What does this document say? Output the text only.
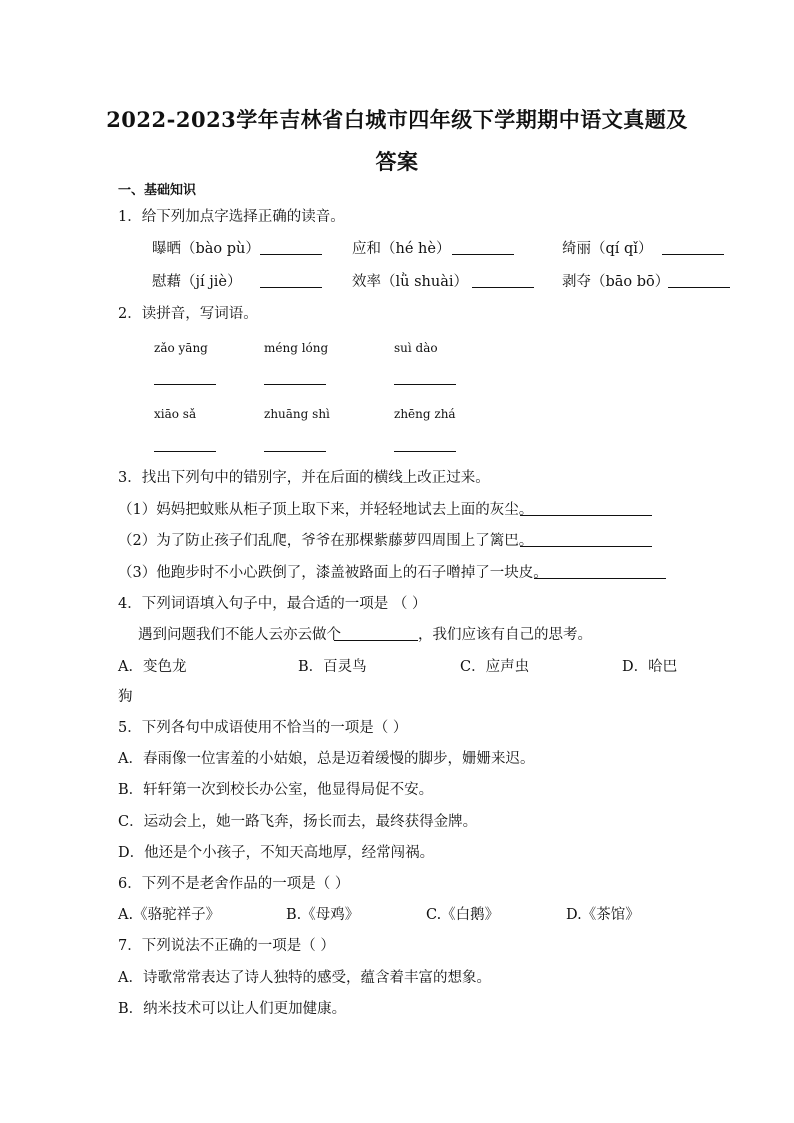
2022-2023学年吉林省白城市四年级下学期期中语文真题及
答案
一、基础知识
1．给下列加点字选择正确的读音。
曝晒（bào pù）	应和（hé hè）	绮丽（qí qǐ）
慰藉（jí jiè）	效率（lǜ shuài）	剥夺（bāo bō）
2．读拼音，写词语。
zǎo yāng	méng lóng	suì dào
xiāo sǎ	zhuāng shì	zhēng zhá
3．找出下列句中的错别字，并在后面的横线上改正过来。
（1）妈妈把蚊账从柜子顶上取下来，并轻轻地试去上面的灰尘。
（2）为了防止孩子们乱爬，爷爷在那棵紫藤萝四周围上了篱巴。
（3）他跑步时不小心跌倒了，漆盖被路面上的石子噌掉了一块皮。
4．下列词语填入句子中，最合适的一项是 （ ）
遇到问题我们不能人云亦云做个	，我们应该有自己的思考。
A．变色龙	B．百灵鸟	C．应声虫	D．哈巴
狗
5．下列各句中成语使用不恰当的一项是（ ）
A．春雨像一位害羞的小姑娘，总是迈着缓慢的脚步，姗姗来迟。
B．轩轩第一次到校长办公室，他显得局促不安。
C．运动会上，她一路飞奔，扬长而去，最终获得金牌。
D．他还是个小孩子，不知天高地厚，经常闯祸。
6．下列不是老舍作品的一项是（ ）
A.《骆驼祥子》	B.《母鸡》	C.《白鹅》	D.《茶馆》
7．下列说法不正确的一项是（ ）
A．诗歌常常表达了诗人独特的感受，蕴含着丰富的想象。
B．纳米技术可以让人们更加健康。
